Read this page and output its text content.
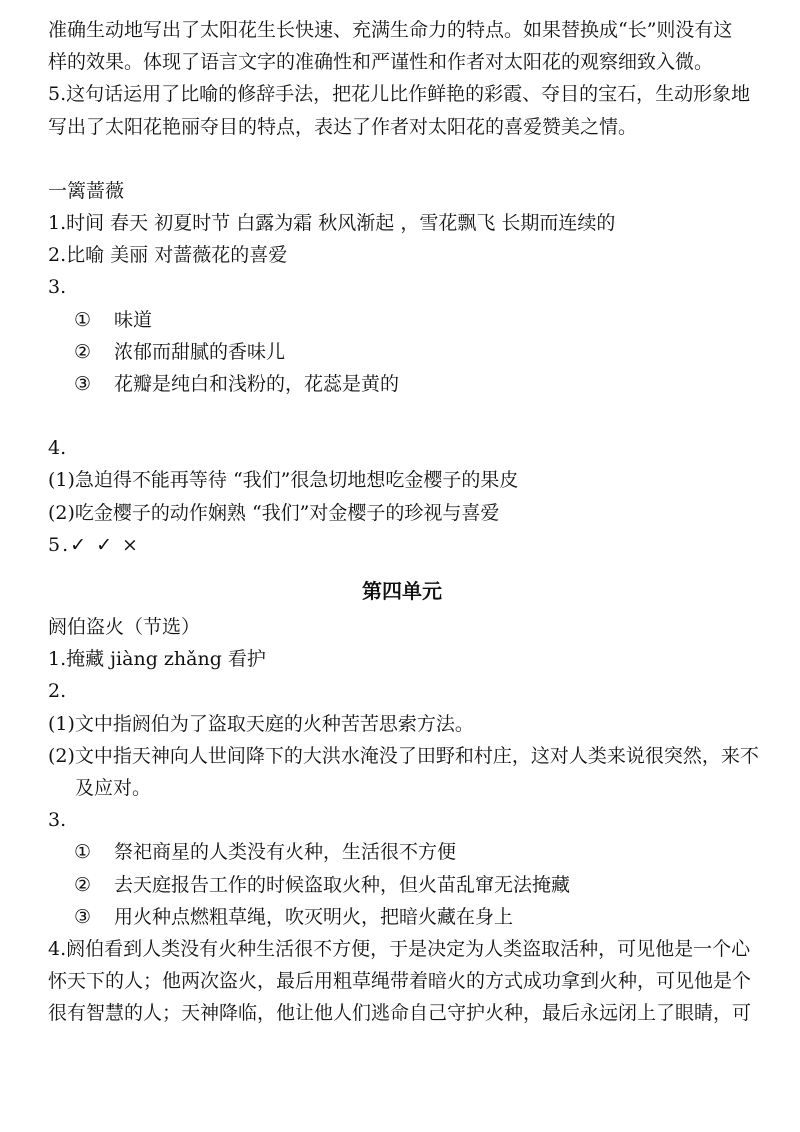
准确生动地写出了太阳花生长快速、充满生命力的特点。如果替换成“长”则没有这
样的效果。体现了语言文字的准确性和严谨性和作者对太阳花的观察细致入微。
5.这句话运用了比喻的修辞手法，把花儿比作鲜艳的彩霞、夺目的宝石，生动形象地
写出了太阳花艳丽夺目的特点，表达了作者对太阳花的喜爱赞美之情。
一篱蔷薇
1.时间 春天 初夏时节 白露为霜 秋风渐起 ，雪花飘飞 长期而连续的
2.比喻 美丽 对蔷薇花的喜爱
3.
① 味道
② 浓郁而甜腻的香味儿
③ 花瓣是纯白和浅粉的，花蕊是黄的
4.
(1)急迫得不能再等待 “我们”很急切地想吃金樱子的果皮
(2)吃金樱子的动作娴熟 “我们”对金樱子的珍视与喜爱
5.✓ ✓ ×
第四单元
阏伯盗火（节选）
1.掩藏 jiàng zhǎng 看护
2.
(1)文中指阏伯为了盗取天庭的火种苦苦思索方法。
(2)文中指天神向人世间降下的大洪水淹没了田野和村庄，这对人类来说很突然，来不
及应对。
3.
① 祭祀商星的人类没有火种，生活很不方便
② 去天庭报告工作的时候盗取火种，但火苗乱窜无法掩藏
③ 用火种点燃粗草绳，吹灭明火，把暗火藏在身上
4.阏伯看到人类没有火种生活很不方便，于是决定为人类盗取活种，可见他是一个心
怀天下的人；他两次盗火，最后用粗草绳带着暗火的方式成功拿到火种，可见他是个
很有智慧的人；天神降临，他让他人们逃命自己守护火种，最后永远闭上了眼睛，可
